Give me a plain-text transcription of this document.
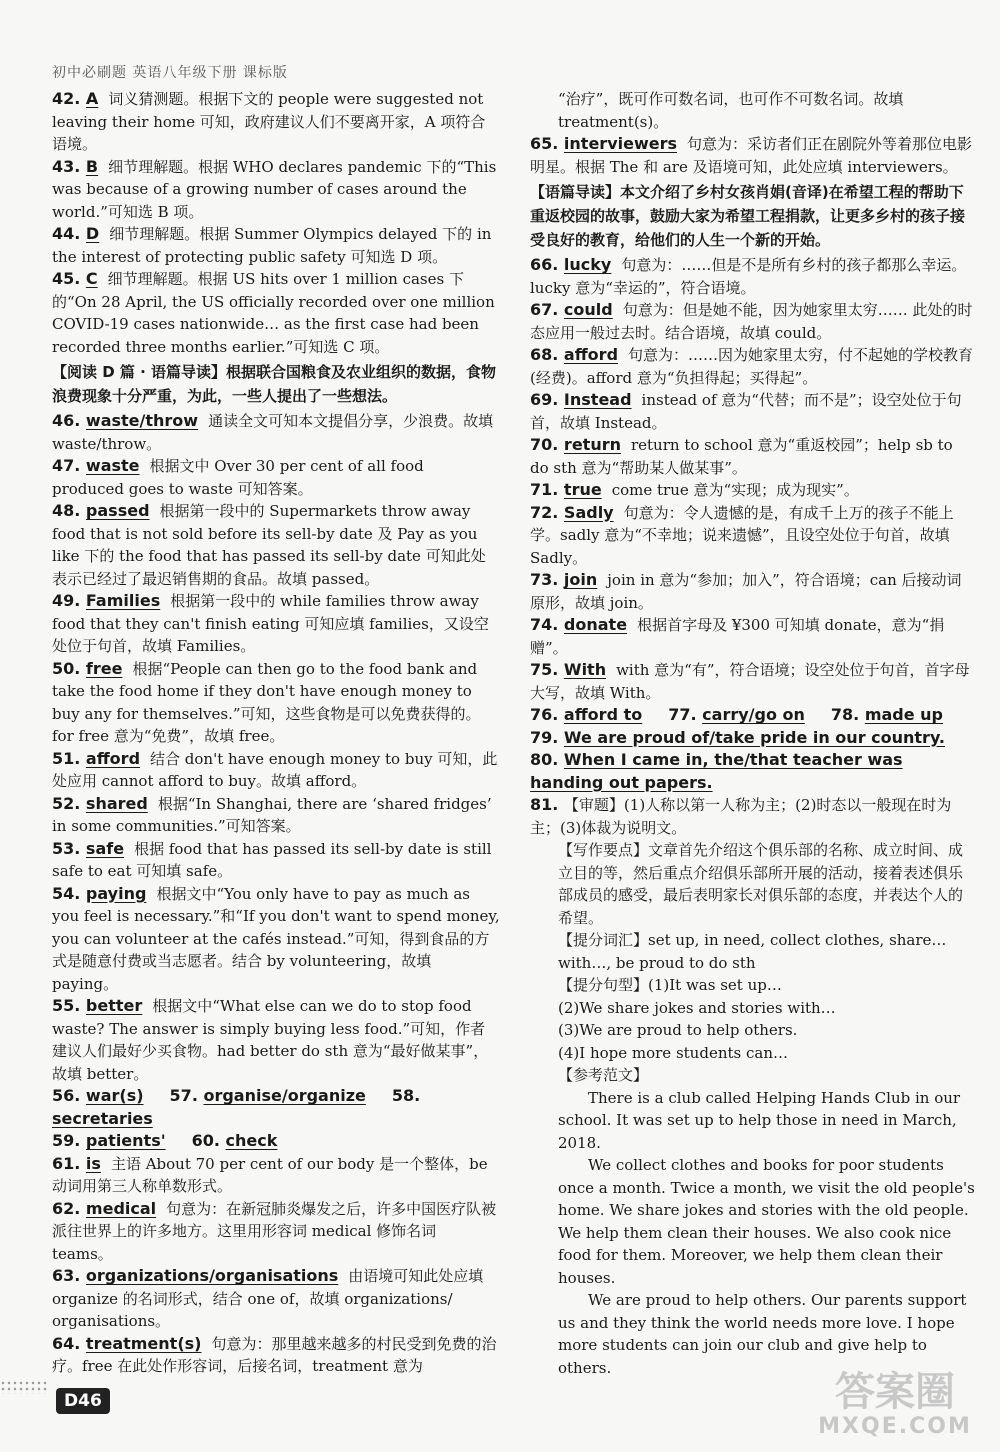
初中必刷题 英语八年级下册 课标版

42. A 词义猜测题。根据下文的 people were suggested not leaving their home 可知，政府建议人们不要离开家，A 项符合语境。

43. B 细节理解题。根据 WHO declares pandemic 下的“This was because of a growing number of cases around the world.”可知选 B 项。

44. D 细节理解题。根据 Summer Olympics delayed 下的 in the interest of protecting public safety 可知选 D 项。

45. C 细节理解题。根据 US hits over 1 million cases 下的“On 28 April, the US officially recorded over one million COVID-19 cases nationwide… as the first case had been recorded three months earlier.”可知选 C 项。

【阅读 D 篇 · 语篇导读】根据联合国粮食及农业组织的数据，食物浪费现象十分严重，为此，一些人提出了一些想法。

46. waste/throw 通读全文可知本文提倡分享，少浪费。故填 waste/throw。

47. waste 根据文中 Over 30 per cent of all food produced goes to waste 可知答案。

48. passed 根据第一段中的 Supermarkets throw away food that is not sold before its sell-by date 及 Pay as you like 下的 the food that has passed its sell-by date 可知此处表示已经过了最迟销售期的食品。故填 passed。

49. Families 根据第一段中的 while families throw away food that they can't finish eating 可知应填 families，又设空处位于句首，故填 Families。

50. free 根据“People can then go to the food bank and take the food home if they don't have enough money to buy any for themselves.”可知，这些食物是可以免费获得的。for free 意为“免费”，故填 free。

51. afford 结合 don't have enough money to buy 可知，此处应用 cannot afford to buy。故填 afford。

52. shared 根据“In Shanghai, there are ‘shared fridges’ in some communities.”可知答案。

53. safe 根据 food that has passed its sell-by date is still safe to eat 可知填 safe。

54. paying 根据文中“You only have to pay as much as you feel is necessary.”和“If you don't want to spend money, you can volunteer at the cafés instead.”可知，得到食品的方式是随意付费或当志愿者。结合 by volunteering，故填 paying。

55. better 根据文中“What else can we do to stop food waste? The answer is simply buying less food.”可知，作者建议人们最好少买食物。had better do sth 意为“最好做某事”，故填 better。

56. war(s) 57. organise/organize 58. secretaries

59. patients' 60. check

61. is 主语 About 70 per cent of our body 是一个整体，be 动词用第三人称单数形式。

62. medical 句意为：在新冠肺炎爆发之后，许多中国医疗队被派往世界上的许多地方。这里用形容词 medical 修饰名词 teams。

63. organizations/organisations 由语境可知此处应填 organize 的名词形式，结合 one of，故填 organizations/ organisations。

64. treatment(s) 句意为：那里越来越多的村民受到免费的治疗。free 在此处作形容词，后接名词，treatment 意为

“治疗”，既可作可数名词，也可作不可数名词。故填 treatment(s)。

65. interviewers 句意为：采访者们正在剧院外等着那位电影明星。根据 The 和 are 及语境可知，此处应填 interviewers。

【语篇导读】本文介绍了乡村女孩肖娟(音译)在希望工程的帮助下重返校园的故事，鼓励大家为希望工程捐款，让更多乡村的孩子接受良好的教育，给他们的人生一个新的开始。

66. lucky 句意为：……但是不是所有乡村的孩子都那么幸运。lucky 意为“幸运的”，符合语境。

67. could 句意为：但是她不能，因为她家里太穷…… 此处的时态应用一般过去时。结合语境，故填 could。

68. afford 句意为：……因为她家里太穷，付不起她的学校教育(经费)。afford 意为“负担得起；买得起”。

69. Instead instead of 意为“代替；而不是”；设空处位于句首，故填 Instead。

70. return return to school 意为“重返校园”；help sb to do sth 意为“帮助某人做某事”。

71. true come true 意为“实现；成为现实”。

72. Sadly 句意为：令人遗憾的是，有成千上万的孩子不能上学。sadly 意为“不幸地；说来遗憾”，且设空处位于句首，故填 Sadly。

73. join join in 意为“参加；加入”，符合语境；can 后接动词原形，故填 join。

74. donate 根据首字母及 ¥300 可知填 donate，意为“捐赠”。

75. With with 意为“有”，符合语境；设空处位于句首，首字母大写，故填 With。

76. afford to 77. carry/go on 78. made up

79. We are proud of/take pride in our country.

80. When I came in, the/that teacher was handing out papers.

81. 【审题】(1)人称以第一人称为主；(2)时态以一般现在时为主；(3)体裁为说明文。

【写作要点】文章首先介绍这个俱乐部的名称、成立时间、成立目的等，然后重点介绍俱乐部所开展的活动，接着表述俱乐部成员的感受，最后表明家长对俱乐部的态度，并表达个人的希望。

【提分词汇】set up, in need, collect clothes, share… with…, be proud to do sth

【提分句型】(1)It was set up…

(2)We share jokes and stories with…

(3)We are proud to help others.

(4)I hope more students can…

【参考范文】

There is a club called Helping Hands Club in our school. It was set up to help those in need in March, 2018.

We collect clothes and books for poor students once a month. Twice a month, we visit the old people's home. We share jokes and stories with the old people. We help them clean their houses. We also cook nice food for them. Moreover, we help them clean their houses.

We are proud to help others. Our parents support us and they think the world needs more love. I hope more students can join our club and give help to others.

D46	答案圈
MXQE.COM
